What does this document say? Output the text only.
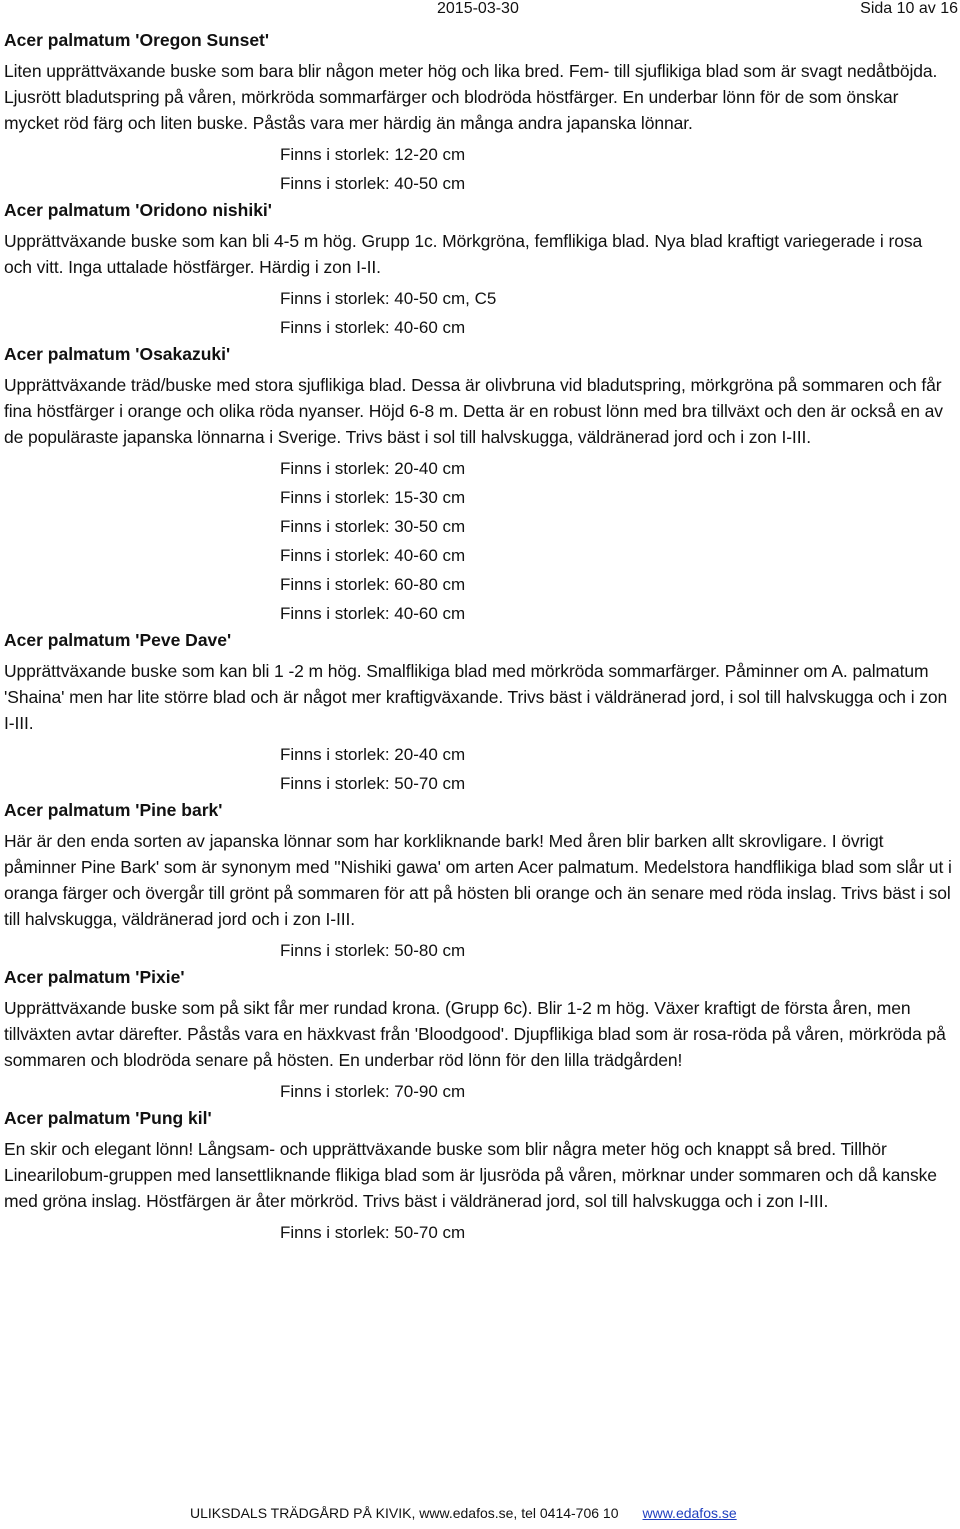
2015-03-30	Sida 10 av 16
Acer palmatum 'Oregon Sunset'

Liten upprättväxande buske som bara blir någon meter hög och lika bred. Fem- till sjuflikiga blad som är svagt nedåtböjda. Ljusrött bladutspring på våren, mörkröda sommarfärger och blodröda höstfärger. En underbar lönn för de som önskar mycket röd färg och liten buske. Påstås vara mer härdig än många andra japanska lönnar.

Finns i storlek: 12-20 cm
Finns i storlek: 40-50 cm
Acer palmatum 'Oridono nishiki'

Upprättväxande buske som kan bli 4-5 m hög. Grupp 1c. Mörkgröna, femflikiga blad. Nya blad kraftigt variegerade i rosa och vitt. Inga uttalade höstfärger. Härdig i zon I-II.

Finns i storlek: 40-50 cm, C5
Finns i storlek: 40-60 cm
Acer palmatum 'Osakazuki'

Upprättväxande träd/buske med stora sjuflikiga blad. Dessa är olivbruna vid bladutspring, mörkgröna på sommaren och får fina höstfärger i orange och olika röda nyanser. Höjd 6-8 m. Detta är en robust lönn med bra tillväxt och den är också en av de populäraste japanska lönnarna i Sverige. Trivs bäst i sol till halvskugga, väldränerad jord och i zon I-III.

Finns i storlek: 20-40 cm
Finns i storlek: 15-30 cm
Finns i storlek: 30-50 cm
Finns i storlek: 40-60 cm
Finns i storlek: 60-80 cm
Finns i storlek: 40-60 cm
Acer palmatum 'Peve Dave'

Upprättväxande buske som kan bli 1 -2 m hög. Smalflikiga blad med mörkröda sommarfärger. Påminner om A. palmatum 'Shaina' men har lite större blad och är något mer kraftigväxande. Trivs bäst i väldränerad jord, i sol till halvskugga och i zon I-III.

Finns i storlek: 20-40 cm
Finns i storlek: 50-70 cm
Acer palmatum 'Pine bark'

Här är den enda sorten av japanska lönnar som har korkliknande bark! Med åren blir barken allt skrovligare. I övrigt påminner Pine Bark' som är synonym med ''Nishiki gawa' om arten Acer palmatum. Medelstora handflikiga blad som slår ut i oranga färger och övergår till grönt på sommaren för att på hösten bli orange och än senare med röda inslag. Trivs bäst i sol till halvskugga, väldränerad jord och i zon I-III.

Finns i storlek: 50-80 cm
Acer palmatum 'Pixie'

Upprättväxande buske som på sikt får mer rundad krona. (Grupp 6c). Blir 1-2 m hög. Växer kraftigt de första åren, men tillväxten avtar därefter. Påstås vara en häxkvast från 'Bloodgood'. Djupflikiga blad som är rosa-röda på våren, mörkröda på sommaren och blodröda senare på hösten. En underbar röd lönn för den lilla trädgården!

Finns i storlek: 70-90 cm
Acer palmatum 'Pung kil'

En skir och elegant lönn! Långsam- och upprättväxande buske som blir några meter hög och knappt så bred. Tillhör Linearilobum-gruppen med lansettliknande flikiga blad som är ljusröda på våren, mörknar under sommaren och då kanske med gröna inslag. Höstfärgen är åter mörkröd. Trivs bäst i väldränerad jord, sol till halvskugga och i zon I-III.

Finns i storlek: 50-70 cm
ULIKSDALS TRÄDGÅRD PÅ KIVIK, www.edafos.se, tel 0414-706 10 www.edafos.se
